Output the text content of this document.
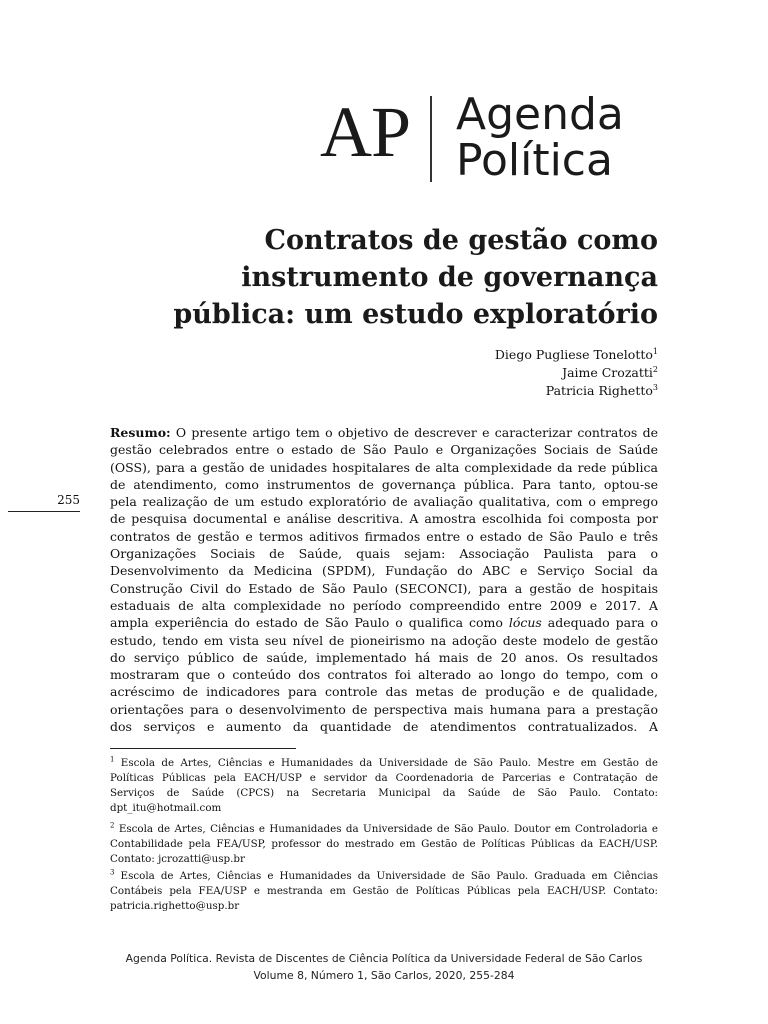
AP Agenda
Política
Contratos de gestão como
instrumento de governança
pública: um estudo exploratório
Diego Pugliese Tonelotto$^1$
Jaime Crozatti$^2$
Patricia Righetto$^3$
255
Resumo: O presente artigo tem o objetivo de descrever e caracterizar contratos de
gestão celebrados entre o estado de São Paulo e Organizações Sociais de Saúde
(OSS), para a gestão de unidades hospitalares de alta complexidade da rede pública
de atendimento, como instrumentos de governança pública. Para tanto, optou-se
pela realização de um estudo exploratório de avaliação qualitativa, com o emprego
de pesquisa documental e análise descritiva. A amostra escolhida foi composta por
contratos de gestão e termos aditivos firmados entre o estado de São Paulo e três
Organizações Sociais de Saúde, quais sejam: Associação Paulista para o
Desenvolvimento da Medicina (SPDM), Fundação do ABC e Serviço Social da
Construção Civil do Estado de São Paulo (SECONCI), para a gestão de hospitais
estaduais de alta complexidade no período compreendido entre 2009 e 2017. A
ampla experiência do estado de São Paulo o qualifica como lócus adequado para o
estudo, tendo em vista seu nível de pioneirismo na adoção deste modelo de gestão
do serviço público de saúde, implementado há mais de 20 anos. Os resultados
mostraram que o conteúdo dos contratos foi alterado ao longo do tempo, com o
acréscimo de indicadores para controle das metas de produção e de qualidade,
orientações para o desenvolvimento de perspectiva mais humana para a prestação
dos serviços e aumento da quantidade de atendimentos contratualizados. A
$^1$ Escola de Artes, Ciências e Humanidades da Universidade de São Paulo. Mestre em Gestão de
Políticas Públicas pela EACH/USP e servidor da Coordenadoria de Parcerias e Contratação de
Serviços de Saúde (CPCS) na Secretaria Municipal da Saúde de São Paulo. Contato:
dpt_itu@hotmail.com
$^2$ Escola de Artes, Ciências e Humanidades da Universidade de São Paulo. Doutor em Controladoria e
Contabilidade pela FEA/USP, professor do mestrado em Gestão de Políticas Públicas da EACH/USP.
Contato: jcrozatti@usp.br
$^3$ Escola de Artes, Ciências e Humanidades da Universidade de São Paulo. Graduada em Ciências
Contábeis pela FEA/USP e mestranda em Gestão de Políticas Públicas pela EACH/USP. Contato:
patricia.righetto@usp.br
Agenda Política. Revista de Discentes de Ciência Política da Universidade Federal de São Carlos
Volume 8, Número 1, São Carlos, 2020, 255-284
